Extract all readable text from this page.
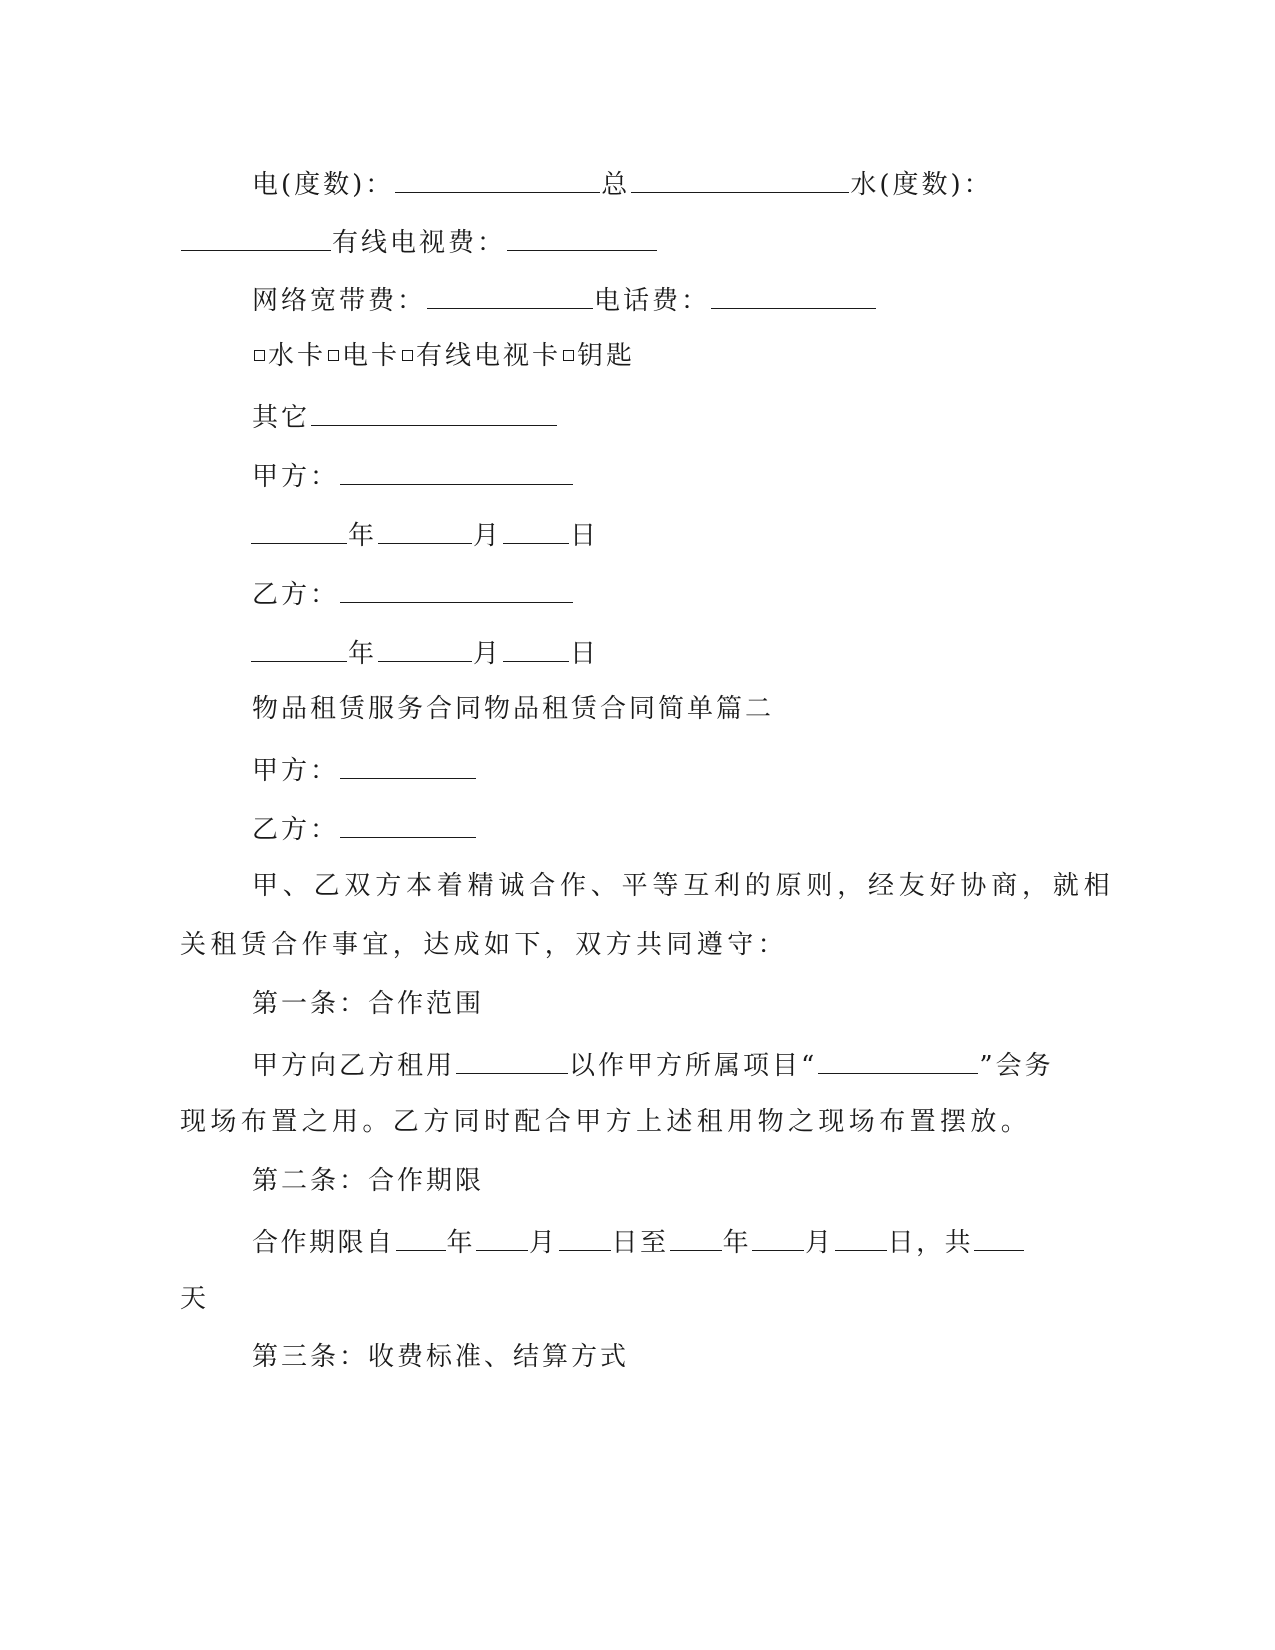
电(度数)：	总	水(度数)：
有线电视费：
网络宽带费：	电话费：
水卡 电卡 有线电视卡 钥匙
其它
甲方：
年	月	日
乙方：
年	月	日
物品租赁服务合同物品租赁合同简单篇二
甲方：
乙方：
甲、乙双方本着精诚合作、平等互利的原则，经友好协商，就相
关租赁合作事宜，达成如下，双方共同遵守：
第一条：合作范围
甲方向乙方租用	以作甲方所属项目“	”会务
现场布置之用。乙方同时配合甲方上述租用物之现场布置摆放。
第二条：合作期限
合作期限自 年 月 日至 年 月 日，共
天
第三条：收费标准、结算方式
